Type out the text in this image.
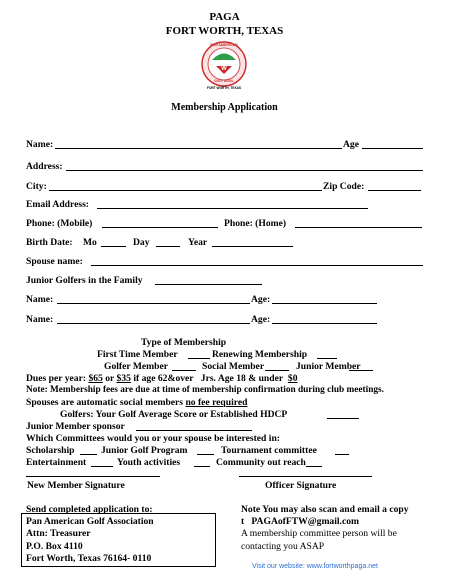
PAGA
FORT WORTH, TEXAS
W
PAN AMERICAN
GOLF ASSN.
FORT WORTH, TEXAS
Membership Application
Name:	Age
Address:
City:	Zip Code:
Email Address:
Phone: (Mobile)	Phone: (Home)
Birth Date: Mo	Day	Year
Spouse name:
Junior Golfers in the Family
Name:	Age:
Name:	Age:
Type of Membership
First Time Member	Renewing Membership
Golfer Member	Social Member	Junior Member
Dues per year: $65 or $35 if age 62&over Jrs. Age 18 & under $0
Note: Membership fees are due at time of membership confirmation during club meetings.
Spouses are automatic social members no fee required
Golfers: Your Golf Average Score or Established HDCP
Junior Member sponsor
Which Committees would you or your spouse be interested in:
Scholarship	Junior Golf Program	Tournament committee
Entertainment	Youth activities	Community out reach
New Member Signature	Officer Signature
Send completed application to:
Pan American Golf Association
Attn: Treasurer
P.O. Box 4110
Fort Worth, Texas 76164- 0110
Note You may also scan and email a copy
t PAGAofFTW@gmail.com
A membership committee person will be
contacting you ASAP
Visit our website: www.fortworthpaga.net
